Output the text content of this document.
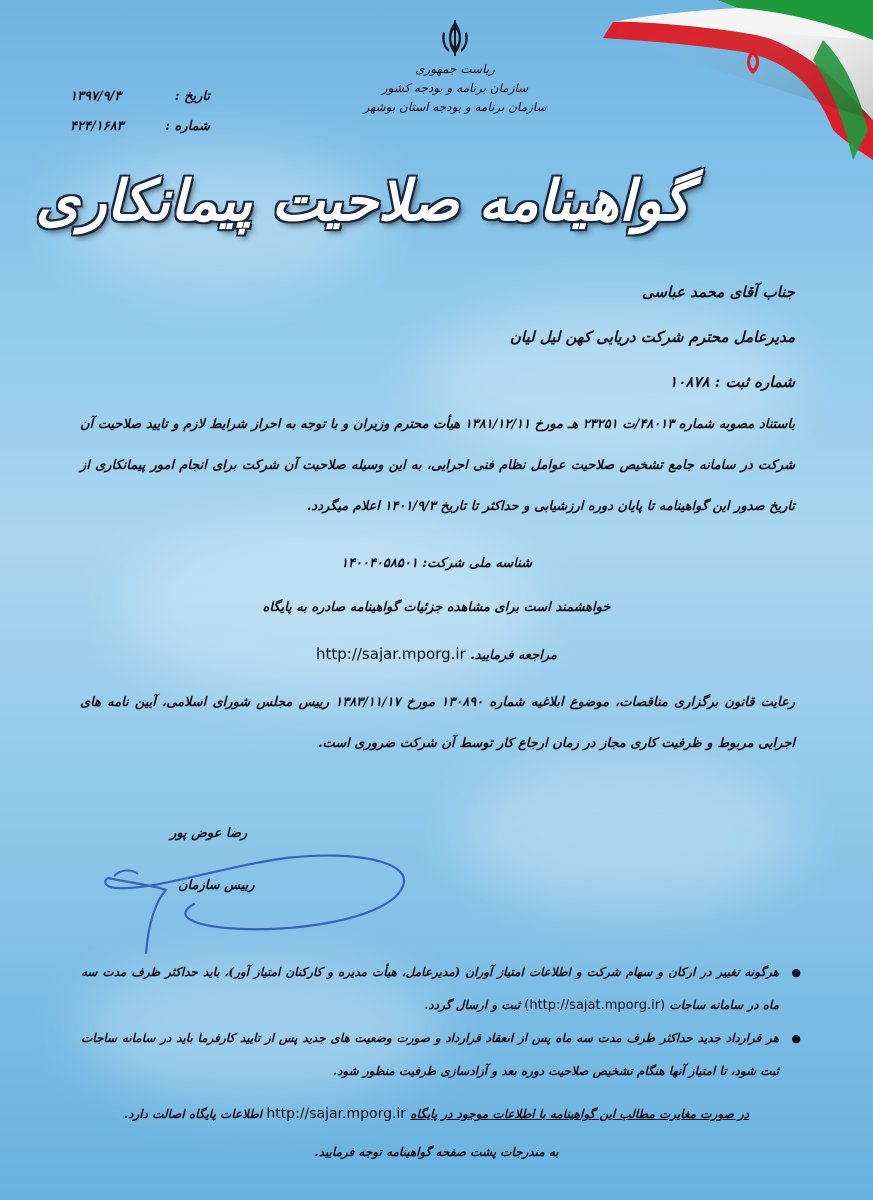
ریاست جمهوری
سازمان برنامه و بودجه کشور
سازمان برنامه و بودجه استان بوشهر
تاریخ :
۱۳۹۷/۹/۳
شماره :
۴۲۴/۱۶۸۳
گواهینامه صلاحیت پیمانکاری
جناب آقای محمد عباسی
مدیرعامل محترم شرکت دریایی کهن لیل لیان
شماره ثبت : ۱۰۸۷۸
باستناد مصوبه شماره ۴۸۰۱۳/ت ۲۳۲۵۱ هـ مورخ ۱۳۸۱/۱۲/۱۱ هیأت محترم وزیران و با توجه به احراز شرایط لازم و تایید صلاحیت آن شرکت در سامانه جامع تشخیص صلاحیت عوامل نظام فنی اجرایی، به این وسیله صلاحیت آن شرکت برای انجام امور پیمانکاری از تاریخ صدور این گواهینامه تا پایان دوره ارزشیابی و حداکثر تا تاریخ ۱۴۰۱/۹/۳ اعلام میگردد.
شناسه ملی شرکت: ۱۴۰۰۴۰۵۸۵۰۱
خواهشمند است برای مشاهده جزئیات گواهینامه صادره به پایگاه
مراجعه فرمایید. http://sajar.mporg.ir
رعایت قانون برگزاری مناقصات، موضوع ابلاغیه شماره ۱۳۰۸۹۰ مورخ ۱۳۸۳/۱۱/۱۷ رییس مجلس شورای اسلامی، آیین نامه های اجرایی مربوط و ظرفیت کاری مجاز در زمان ارجاع کار توسط آن شرکت ضروری است.
رضا عوض پور
رییس سازمان
● هرگونه تغییر در ارکان و سهام شرکت و اطلاعات امتیاز آوران (مدیرعامل، هیأت مدیره و کارکنان امتیاز آور)، باید حداکثر ظرف مدت سه ماه در سامانه ساجات (http://sajat.mporg.ir) ثبت و ارسال گردد.
● هر قرارداد جدید حداکثر ظرف مدت سه ماه پس از انعقاد قرارداد و صورت وضعیت های جدید پس از تایید کارفرما باید در سامانه ساجات ثبت شود، تا امتیاز آنها هنگام تشخیص صلاحیت دوره بعد و آزادسازی ظرفیت منظور شود.
در صورت مغایرت مطالب این گواهینامه با اطلاعات موجود در پایگاه http://sajar.mporg.ir اطلاعات پایگاه اصالت دارد.
به مندرجات پشت صفحه گواهینامه توجه فرمایید.
